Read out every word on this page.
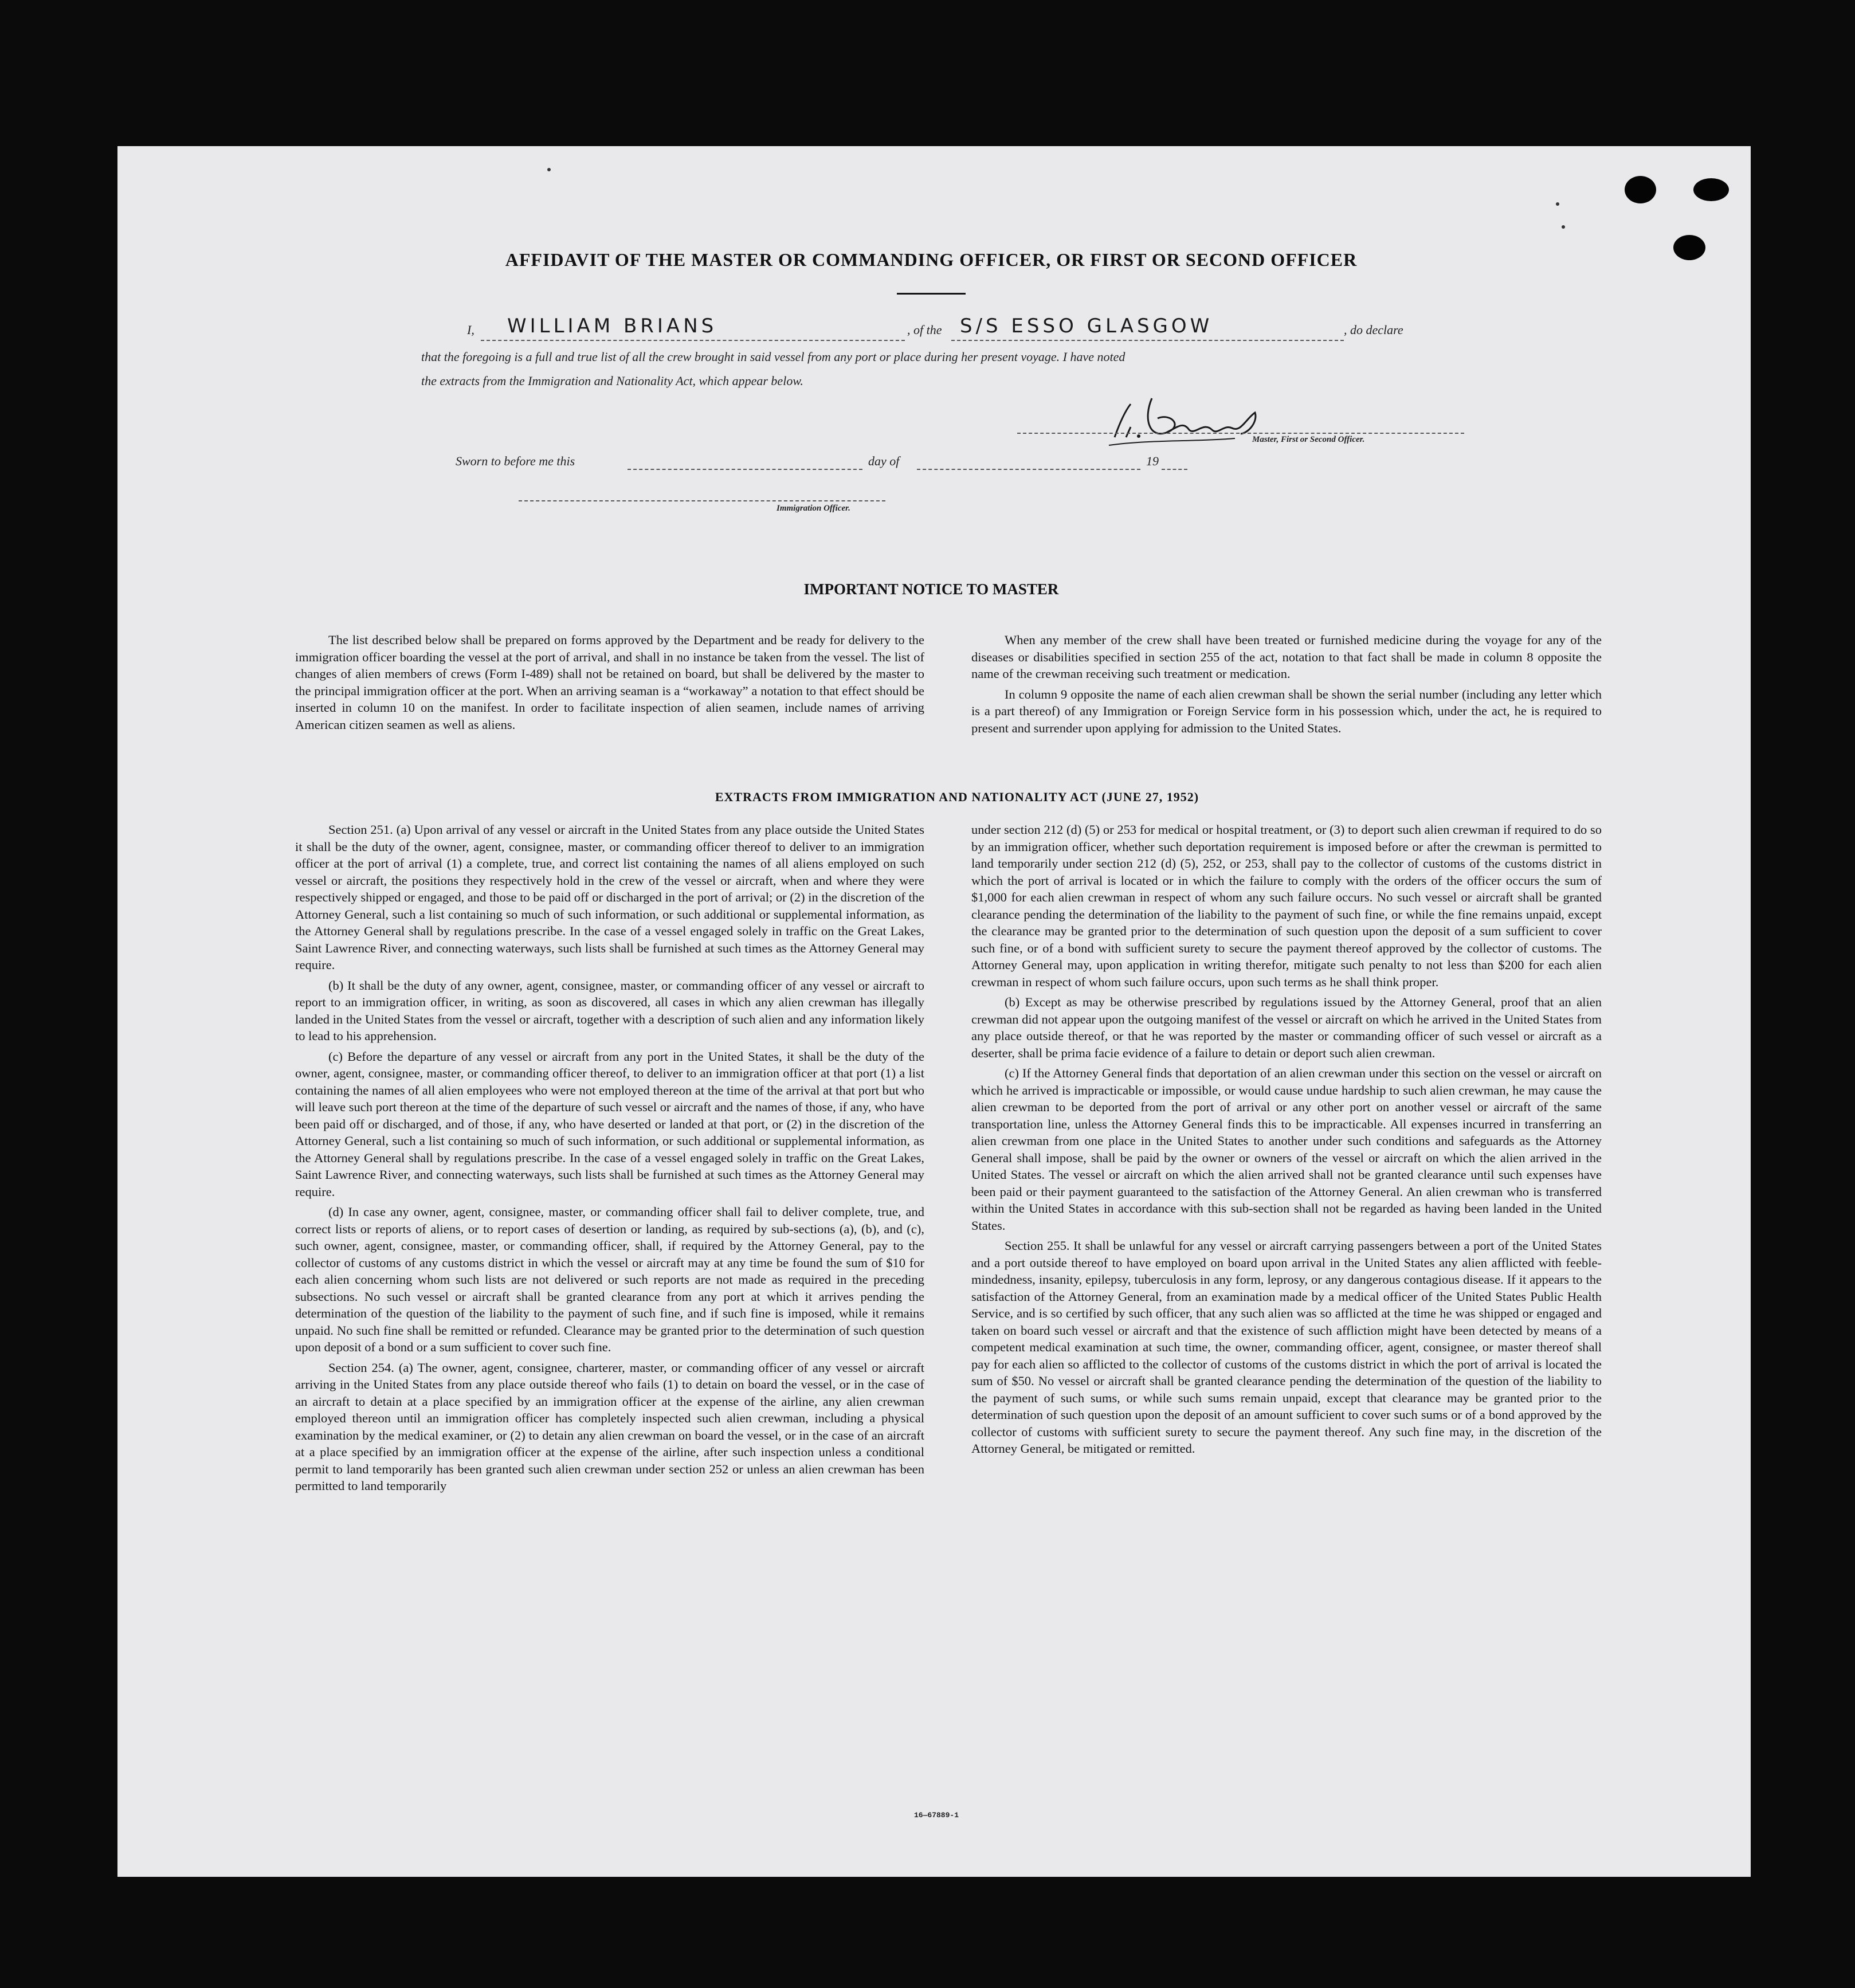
AFFIDAVIT OF THE MASTER OR COMMANDING OFFICER, OR FIRST OR SECOND OFFICER
I, WILLIAM BRIANS	, of the S/S ESSO GLASGOW	, do declare
that the foregoing is a full and true list of all the crew brought in said vessel from any port or place during her present voyage. I have noted
the extracts from the Immigration and Nationality Act, which appear below.
Master, First or Second Officer.
Sworn to before me this	day of	19
Immigration Officer.
IMPORTANT NOTICE TO MASTER

The list described below shall be prepared on forms approved by the Department and be ready for delivery to the immigration officer boarding the vessel at the port of arrival, and shall in no instance be taken from the vessel. The list of changes of alien members of crews (Form I-489) shall not be retained on board, but shall be delivered by the master to the principal immigration officer at the port. When an arriving seaman is a “workaway” a notation to that effect should be inserted in column 10 on the manifest. In order to facilitate inspection of alien seamen, include names of arriving American citizen seamen as well as aliens.

When any member of the crew shall have been treated or furnished medicine during the voyage for any of the diseases or disabilities specified in section 255 of the act, notation to that fact shall be made in column 8 opposite the name of the crewman receiving such treatment or medication.

In column 9 opposite the name of each alien crewman shall be shown the serial number (including any letter which is a part thereof) of any Immigration or Foreign Service form in his possession which, under the act, he is required to present and surrender upon applying for admission to the United States.

EXTRACTS FROM IMMIGRATION AND NATIONALITY ACT (JUNE 27, 1952)

Section 251. (a) Upon arrival of any vessel or aircraft in the United States from any place outside the United States it shall be the duty of the owner, agent, consignee, master, or commanding officer thereof to deliver to an immigration officer at the port of arrival (1) a complete, true, and correct list containing the names of all aliens employed on such vessel or aircraft, the positions they respectively hold in the crew of the vessel or aircraft, when and where they were respectively shipped or engaged, and those to be paid off or discharged in the port of arrival; or (2) in the discretion of the Attorney General, such a list containing so much of such information, or such additional or supplemental information, as the Attorney General shall by regulations prescribe. In the case of a vessel engaged solely in traffic on the Great Lakes, Saint Lawrence River, and connecting waterways, such lists shall be furnished at such times as the Attorney General may require.

(b) It shall be the duty of any owner, agent, consignee, master, or commanding officer of any vessel or aircraft to report to an immigration officer, in writing, as soon as discovered, all cases in which any alien crewman has illegally landed in the United States from the vessel or aircraft, together with a description of such alien and any information likely to lead to his apprehension.

(c) Before the departure of any vessel or aircraft from any port in the United States, it shall be the duty of the owner, agent, consignee, master, or commanding officer thereof, to deliver to an immigration officer at that port (1) a list containing the names of all alien employees who were not employed thereon at the time of the arrival at that port but who will leave such port thereon at the time of the departure of such vessel or aircraft and the names of those, if any, who have been paid off or discharged, and of those, if any, who have deserted or landed at that port, or (2) in the discretion of the Attorney General, such a list containing so much of such information, or such additional or supplemental information, as the Attorney General shall by regulations prescribe. In the case of a vessel engaged solely in traffic on the Great Lakes, Saint Lawrence River, and connecting waterways, such lists shall be furnished at such times as the Attorney General may require.

(d) In case any owner, agent, consignee, master, or commanding officer shall fail to deliver complete, true, and correct lists or reports of aliens, or to report cases of desertion or landing, as required by sub-sections (a), (b), and (c), such owner, agent, consignee, master, or commanding officer, shall, if required by the Attorney General, pay to the collector of customs of any customs district in which the vessel or aircraft may at any time be found the sum of $10 for each alien concerning whom such lists are not delivered or such reports are not made as required in the preceding subsections. No such vessel or aircraft shall be granted clearance from any port at which it arrives pending the determination of the question of the liability to the payment of such fine, and if such fine is imposed, while it remains unpaid. No such fine shall be remitted or refunded. Clearance may be granted prior to the determination of such question upon deposit of a bond or a sum sufficient to cover such fine.

Section 254. (a) The owner, agent, consignee, charterer, master, or commanding officer of any vessel or aircraft arriving in the United States from any place outside thereof who fails (1) to detain on board the vessel, or in the case of an aircraft to detain at a place specified by an immigration officer at the expense of the airline, any alien crewman employed thereon until an immigration officer has completely inspected such alien crewman, including a physical examination by the medical examiner, or (2) to detain any alien crewman on board the vessel, or in the case of an aircraft at a place specified by an immigration officer at the expense of the airline, after such inspection unless a conditional permit to land temporarily has been granted such alien crewman under section 252 or unless an alien crewman has been permitted to land temporarily

under section 212 (d) (5) or 253 for medical or hospital treatment, or (3) to deport such alien crewman if required to do so by an immigration officer, whether such deportation requirement is imposed before or after the crewman is permitted to land temporarily under section 212 (d) (5), 252, or 253, shall pay to the collector of customs of the customs district in which the port of arrival is located or in which the failure to comply with the orders of the officer occurs the sum of $1,000 for each alien crewman in respect of whom any such failure occurs. No such vessel or aircraft shall be granted clearance pending the determination of the liability to the payment of such fine, or while the fine remains unpaid, except the clearance may be granted prior to the determination of such question upon the deposit of a sum sufficient to cover such fine, or of a bond with sufficient surety to secure the payment thereof approved by the collector of customs. The Attorney General may, upon application in writing therefor, mitigate such penalty to not less than $200 for each alien crewman in respect of whom such failure occurs, upon such terms as he shall think proper.

(b) Except as may be otherwise prescribed by regulations issued by the Attorney General, proof that an alien crewman did not appear upon the outgoing manifest of the vessel or aircraft on which he arrived in the United States from any place outside thereof, or that he was reported by the master or commanding officer of such vessel or aircraft as a deserter, shall be prima facie evidence of a failure to detain or deport such alien crewman.

(c) If the Attorney General finds that deportation of an alien crewman under this section on the vessel or aircraft on which he arrived is impracticable or impossible, or would cause undue hardship to such alien crewman, he may cause the alien crewman to be deported from the port of arrival or any other port on another vessel or aircraft of the same transportation line, unless the Attorney General finds this to be impracticable. All expenses incurred in transferring an alien crewman from one place in the United States to another under such conditions and safeguards as the Attorney General shall impose, shall be paid by the owner or owners of the vessel or aircraft on which the alien arrived in the United States. The vessel or aircraft on which the alien arrived shall not be granted clearance until such expenses have been paid or their payment guaranteed to the satisfaction of the Attorney General. An alien crewman who is transferred within the United States in accordance with this sub-section shall not be regarded as having been landed in the United States.

Section 255. It shall be unlawful for any vessel or aircraft carrying passengers between a port of the United States and a port outside thereof to have employed on board upon arrival in the United States any alien afflicted with feeble-mindedness, insanity, epilepsy, tuberculosis in any form, leprosy, or any dangerous contagious disease. If it appears to the satisfaction of the Attorney General, from an examination made by a medical officer of the United States Public Health Service, and is so certified by such officer, that any such alien was so afflicted at the time he was shipped or engaged and taken on board such vessel or aircraft and that the existence of such affliction might have been detected by means of a competent medical examination at such time, the owner, commanding officer, agent, consignee, or master thereof shall pay for each alien so afflicted to the collector of customs of the customs district in which the port of arrival is located the sum of $50. No vessel or aircraft shall be granted clearance pending the determination of the question of the liability to the payment of such sums, or while such sums remain unpaid, except that clearance may be granted prior to the determination of such question upon the deposit of an amount sufficient to cover such sums or of a bond approved by the collector of customs with sufficient surety to secure the payment thereof. Any such fine may, in the discretion of the Attorney General, be mitigated or remitted.

16—67889-1
